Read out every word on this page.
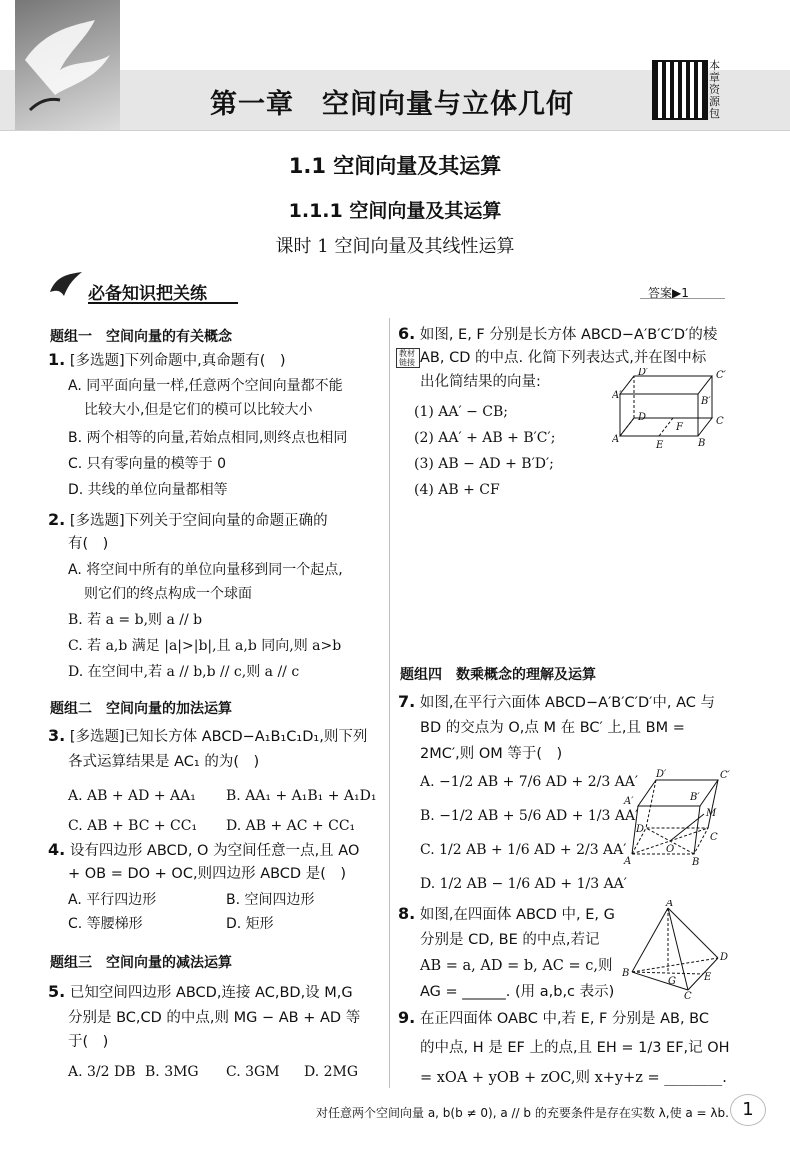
第一章　空间向量与立体几何
本章资源包
1.1 空间向量及其运算
1.1.1 空间向量及其运算
课时 1 空间向量及其线性运算
必备知识把关练	答案▶1
题组一　空间向量的有关概念
1. [多选题]下列命题中,真命题有(　)
A. 同平面向量一样,任意两个空间向量都不能
比较大小,但是它们的模可以比较大小
B. 两个相等的向量,若始点相同,则终点也相同
C. 只有零向量的模等于 0
D. 共线的单位向量都相等
2. [多选题]下列关于空间向量的命题正确的
有(　)
A. 将空间中所有的单位向量移到同一个起点,
则它们的终点构成一个球面
B. 若 a = b,则 a // b
C. 若 a,b 满足 |a|>|b|,且 a,b 同向,则 a>b
D. 在空间中,若 a // b,b // c,则 a // c
题组二　空间向量的加法运算
3. [多选题]已知长方体 ABCD−A₁B₁C₁D₁,则下列
各式运算结果是 AC₁ 的为(　)
A. AB + AD + AA₁ B. AA₁ + A₁B₁ + A₁D₁
C. AB + BC + CC₁ D. AB + AC + CC₁
4. 设有四边形 ABCD, O 为空间任意一点,且 AO
+ OB = DO + OC,则四边形 ABCD 是(　)
A. 平行四边形	B. 空间四边形
C. 等腰梯形	D. 矩形
题组三　空间向量的减法运算
5. 已知空间四边形 ABCD,连接 AC,BD,设 M,G
分别是 BC,CD 的中点,则 MG − AB + AD 等
于(　)
A. 3/2 DB B. 3MG C. 3GM D. 2MG
6. 如图, E, F 分别是长方体 ABCD−A′B′C′D′的棱
教材链接 AB, CD 的中点. 化简下列表达式,并在图中标
出化简结果的向量:
(1) AA′ − CB;
(2) AA′ + AB + B′C′;
(3) AB − AD + B′D′;
(4) AB + CF
D′	C′
A′
B′
D	C
F
A
E	B
题组四　数乘概念的理解及运算
7. 如图,在平行六面体 ABCD−A′B′C′D′中, AC 与
BD 的交点为 O,点 M 在 BC′ 上,且 BM =
2MC′,则 OM 等于(　)
A. −1/2 AB + 7/6 AD + 2/3 AA′
B. −1/2 AB + 5/6 AD + 1/3 AA′
C. 1/2 AB + 1/6 AD + 2/3 AA′
D. 1/2 AB − 1/6 AD + 1/3 AA′
D′	C′
A′	B′
M
D
O
C
A	B
8. 如图,在四面体 ABCD 中, E, G
分别是 CD, BE 的中点,若记
AB = a, AD = b, AC = c,则
AG = ______. (用 a,b,c 表示)
A
D
E
G
B
C
9. 在正四面体 OABC 中,若 E, F 分别是 AB, BC
的中点, H 是 EF 上的点,且 EH = 1/3 EF,记 OH
= xOA + yOB + zOC,则 x+y+z = ________.
对任意两个空间向量 a, b(b ≠ 0), a // b 的充要条件是存在实数 λ,使 a = λb. 1
